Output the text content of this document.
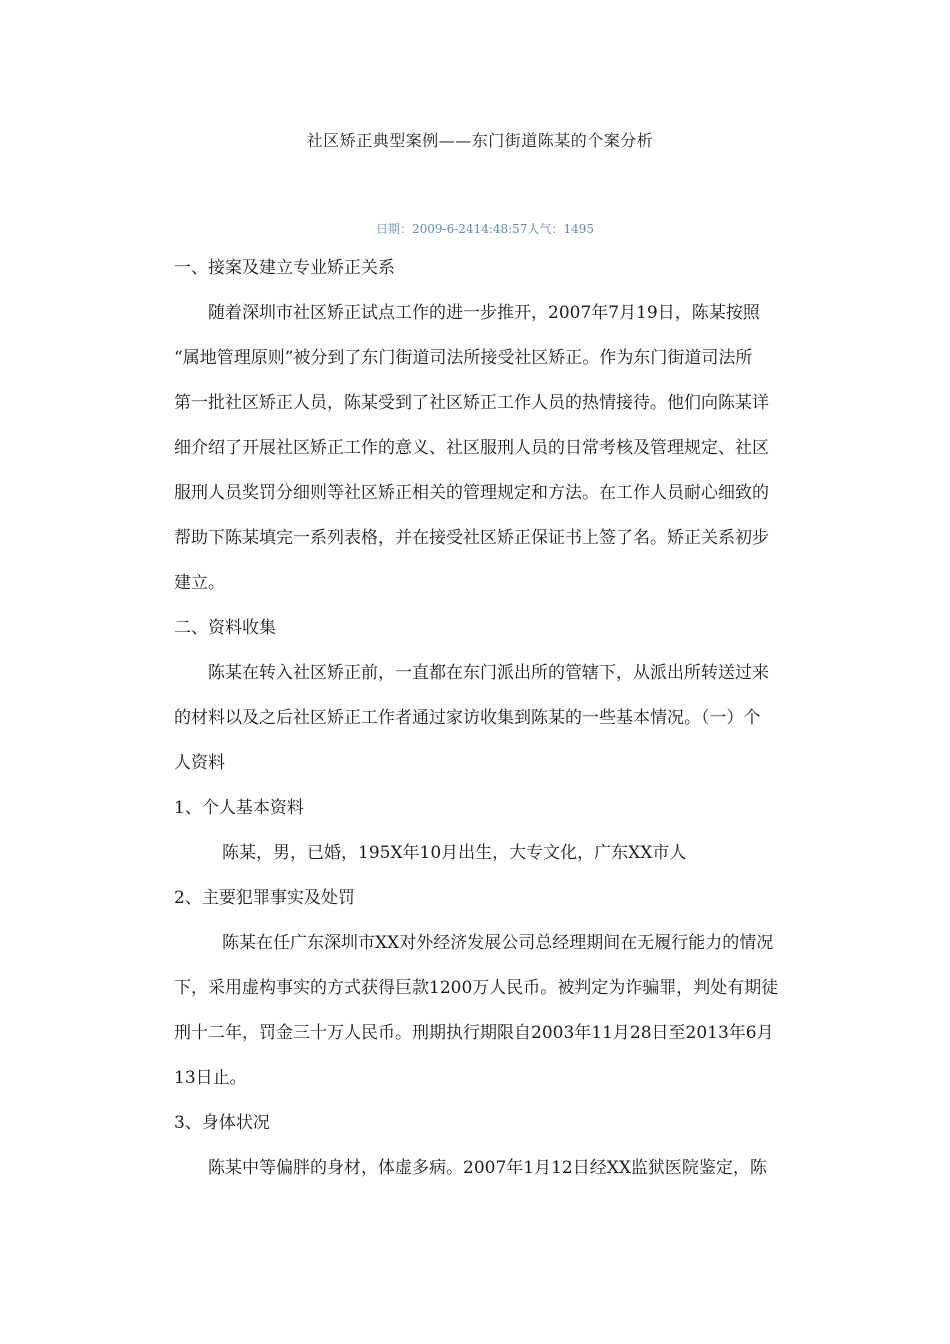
社区矫正典型案例——东门街道陈某的个案分析
日期：2009-6-2414:48:57人气：1495
一、接案及建立专业矫正关系
随着深圳市社区矫正试点工作的进一步推开，2007年7月19日，陈某按照
“属地管理原则”被分到了东门街道司法所接受社区矫正。作为东门街道司法所
第一批社区矫正人员，陈某受到了社区矫正工作人员的热情接待。他们向陈某详
细介绍了开展社区矫正工作的意义、社区服刑人员的日常考核及管理规定、社区
服刑人员奖罚分细则等社区矫正相关的管理规定和方法。在工作人员耐心细致的
帮助下陈某填完一系列表格，并在接受社区矫正保证书上签了名。矫正关系初步
建立。
二、资料收集
陈某在转入社区矫正前，一直都在东门派出所的管辖下，从派出所转送过来
的材料以及之后社区矫正工作者通过家访收集到陈某的一些基本情况。（一）个
人资料
1、个人基本资料
陈某，男，已婚，195X年10月出生，大专文化，广东XX市人
2、主要犯罪事实及处罚
陈某在任广东深圳市XX对外经济发展公司总经理期间在无履行能力的情况
下，采用虚构事实的方式获得巨款1200万人民币。被判定为诈骗罪，判处有期徒
刑十二年，罚金三十万人民币。刑期执行期限自2003年11月28日至2013年6月
13日止。
3、身体状况
陈某中等偏胖的身材，体虚多病。2007年1月12日经XX监狱医院鉴定，陈
